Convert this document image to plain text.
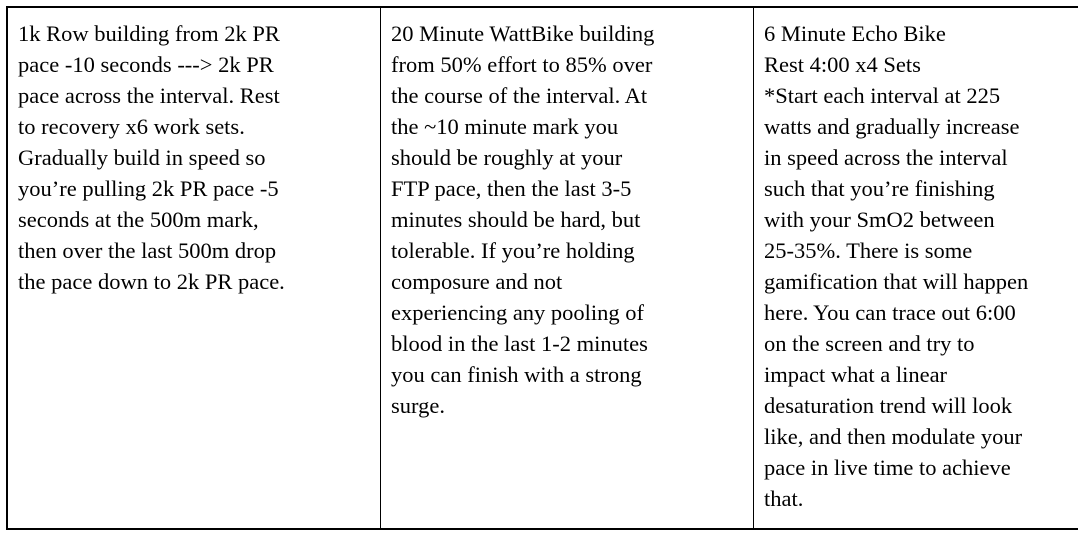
1k Row building from 2k PR
pace -10 seconds ---> 2k PR
pace across the interval. Rest
to recovery x6 work sets.
Gradually build in speed so
you’re pulling 2k PR pace -5
seconds at the 500m mark,
then over the last 500m drop
the pace down to 2k PR pace.

20 Minute WattBike building
from 50% effort to 85% over
the course of the interval. At
the ~10 minute mark you
should be roughly at your
FTP pace, then the last 3-5
minutes should be hard, but
tolerable. If you’re holding
composure and not
experiencing any pooling of
blood in the last 1-2 minutes
you can finish with a strong
surge.

6 Minute Echo Bike
Rest 4:00 x4 Sets
*Start each interval at 225
watts and gradually increase
in speed across the interval
such that you’re finishing
with your SmO2 between
25-35%. There is some
gamification that will happen
here. You can trace out 6:00
on the screen and try to
impact what a linear
desaturation trend will look
like, and then modulate your
pace in live time to achieve
that.
